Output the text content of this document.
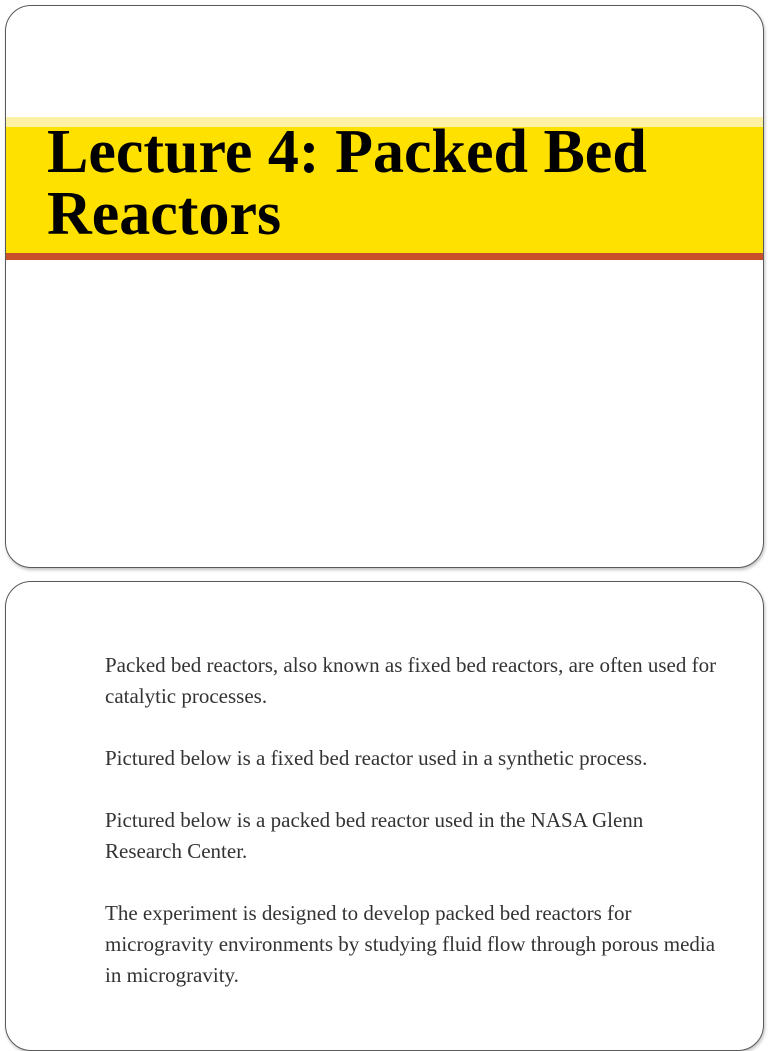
Lecture 4: Packed Bed Reactors

Packed bed reactors, also known as fixed bed reactors, are often used for catalytic processes.

Pictured below is a fixed bed reactor used in a synthetic process.

Pictured below is a packed bed reactor used in the NASA Glenn Research Center.

The experiment is designed to develop packed bed reactors for microgravity environments by studying fluid flow through porous media in microgravity.
